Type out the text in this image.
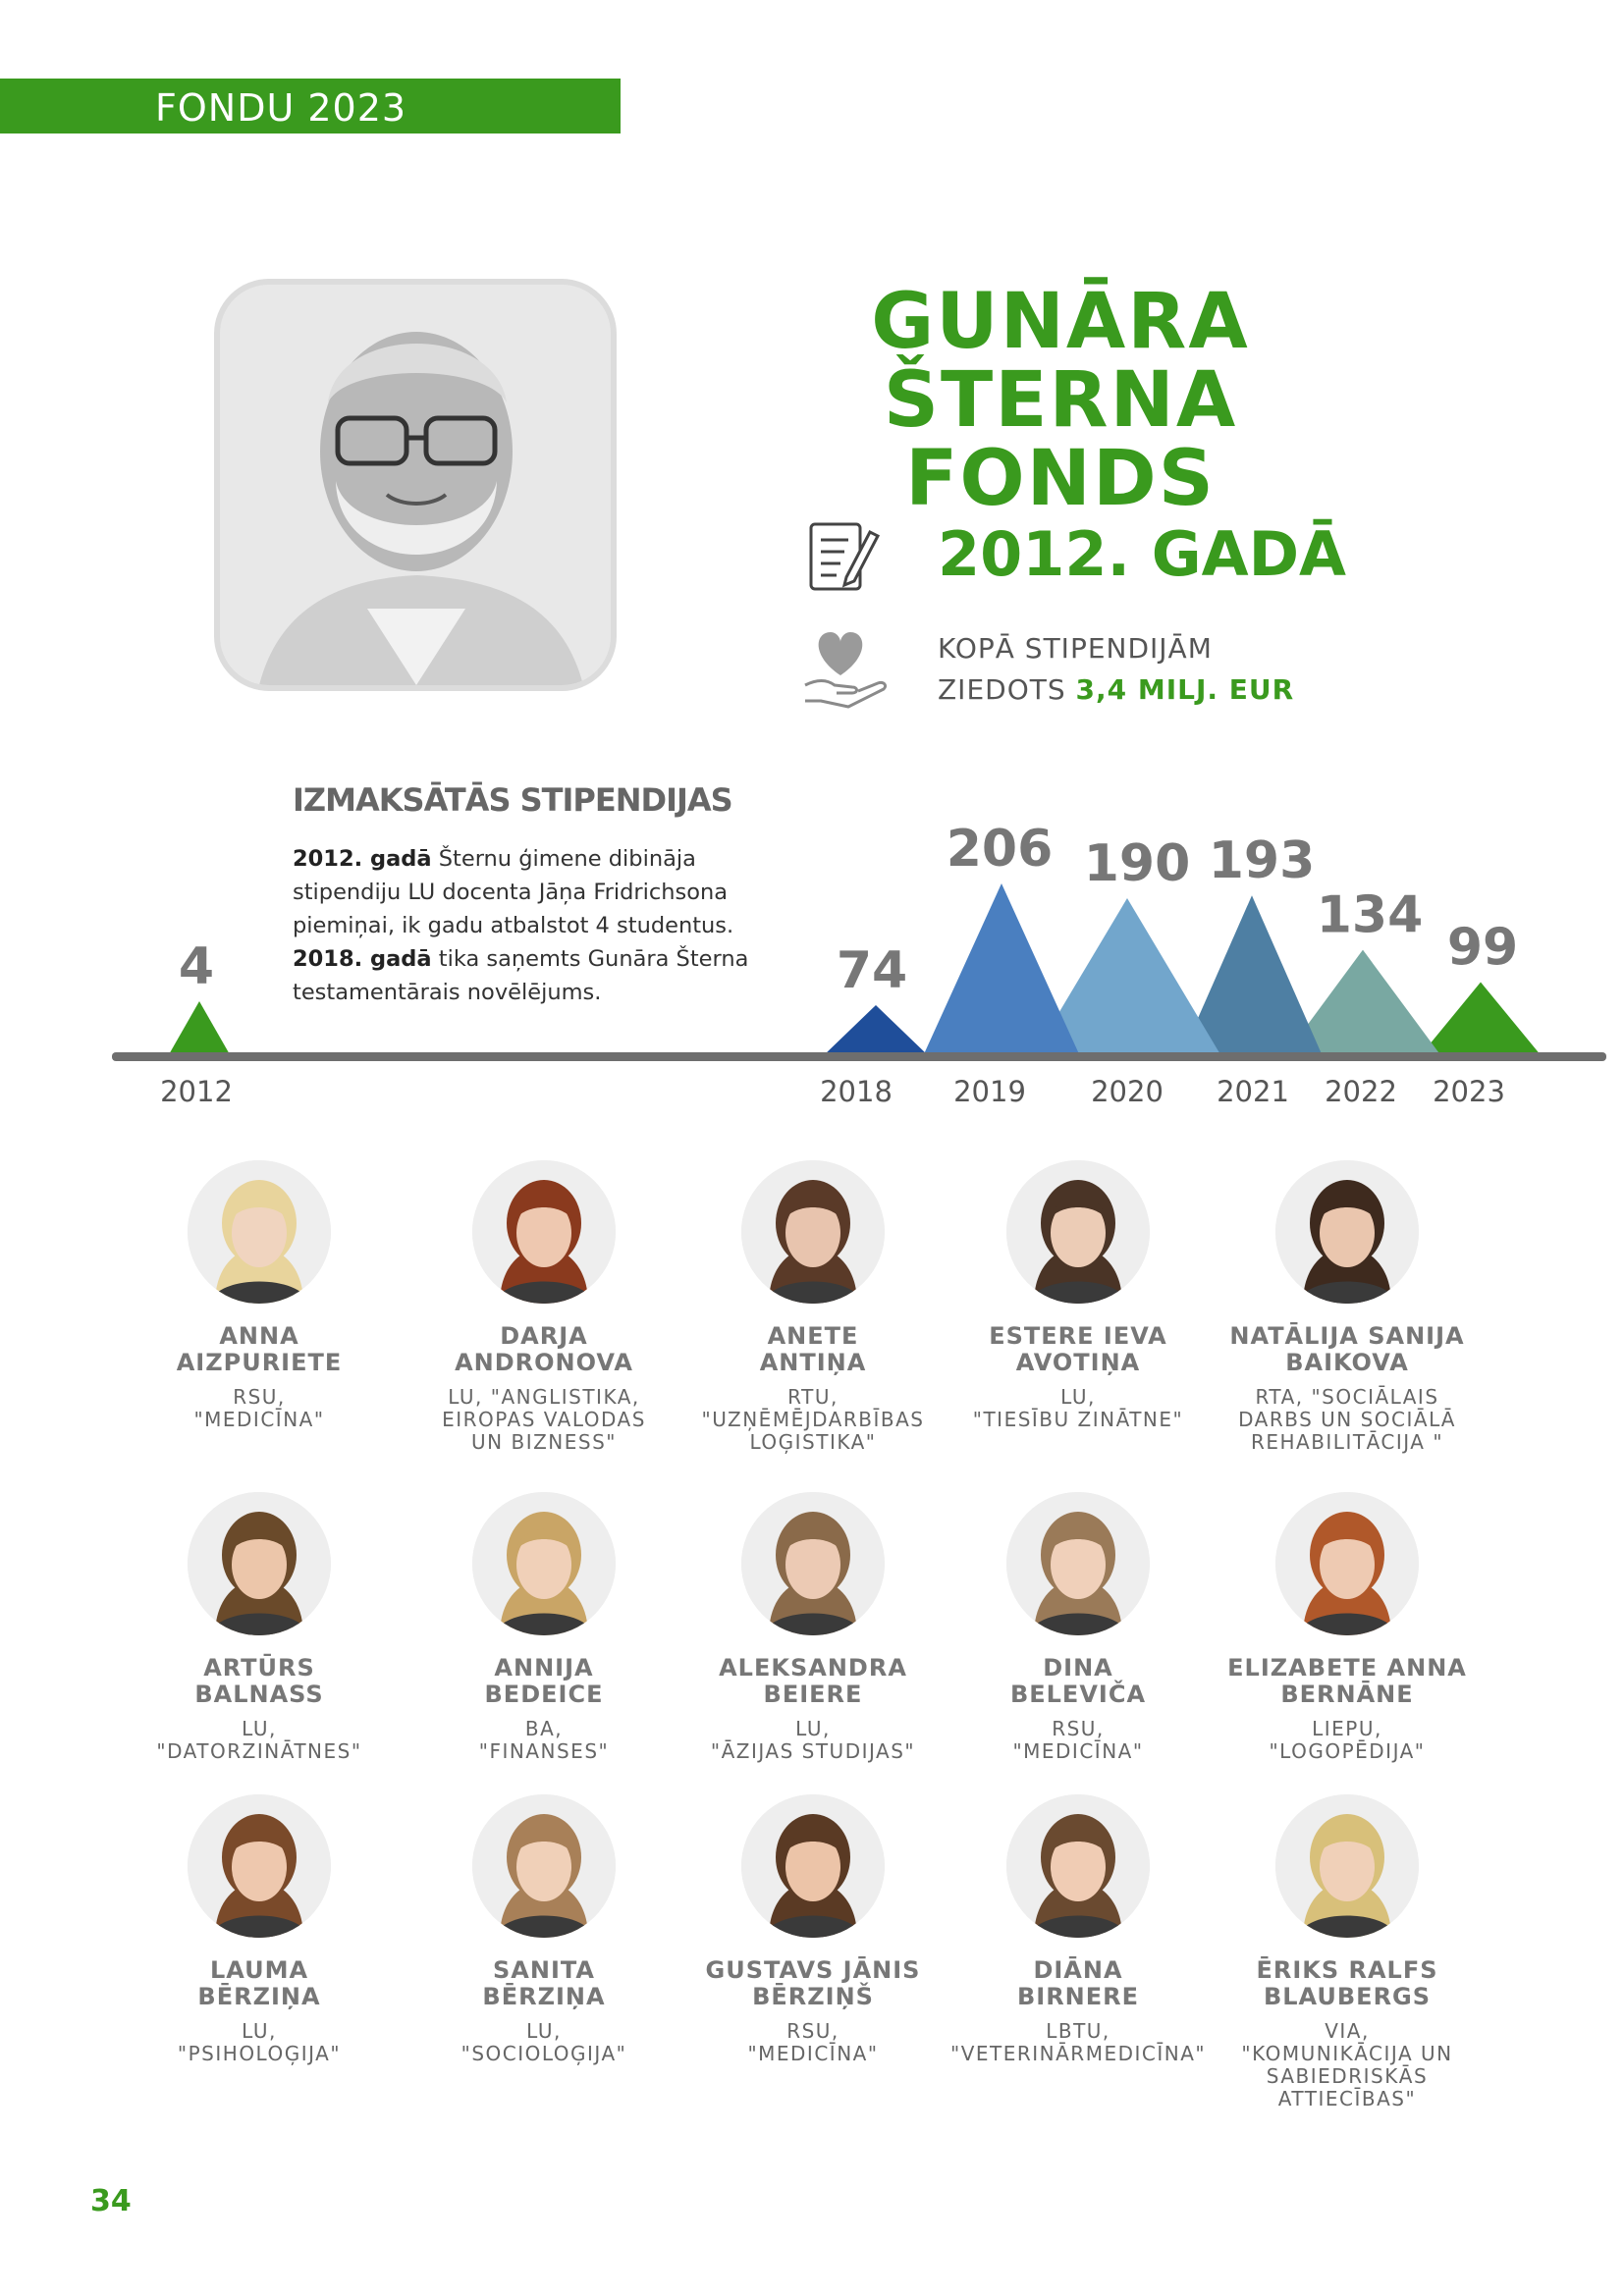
FONDU 2023
GUNĀRA ŠTERNA
FONDS
2012. GADĀ
KOPĀ STIPENDIJĀM
ZIEDOTS 3,4 MILJ. EUR
IZMAKSĀTĀS STIPENDIJAS
2012. gadā Šternu ģimene dibināja stipendiju LU docenta Jāņa Fridrichsona piemiņai, ik gadu atbalstot 4 studentus.
2018. gadā tika saņemts Gunāra Šterna testamentārais novēlējums.
4
2012
74
2018
206
2019
190
2020
193
2021
134
2022
99
2023
ANNA
AIZPURIETE
RSU,
"MEDICĪNA"
DARJA
ANDRONOVA
LU, "ANGLISTIKA,
EIROPAS VALODAS
UN BIZNESS"
ANETE
ANTIŅA
RTU,
"UZŅĒMĒJDARBĪBAS
LOĢISTIKA"
ESTERE IEVA
AVOTIŅA
LU,
"TIESĪBU ZINĀTNE"
NATĀLIJA SANIJA
BAIKOVA
RTA, "SOCIĀLAIS
DARBS UN SOCIĀLĀ
REHABILITĀCIJA "
ARTŪRS
BALNASS
LU,
"DATORZINĀTNES"
ANNIJA
BEDEICE
BA,
"FINANSES"
ALEKSANDRA
BEIERE
LU,
"ĀZIJAS STUDIJAS"
DINA
BELEVIČA
RSU,
"MEDICĪNA"
ELIZABETE ANNA
BERNĀNE
LIEPU,
"LOGOPĒDIJA"
LAUMA
BĒRZIŅA
LU,
"PSIHOLOĢIJA"
SANITA
BĒRZIŅA
LU,
"SOCIOLOĢIJA"
GUSTAVS JĀNIS
BĒRZIŅŠ
RSU,
"MEDICĪNA"
DIĀNA
BIRNERE
LBTU,
"VETERINĀRMEDICĪNA"
ĒRIKS RALFS
BLAUBERGS
VIA,
"KOMUNIKĀCIJA UN
SABIEDRISKĀS
ATTIECĪBAS"
34
